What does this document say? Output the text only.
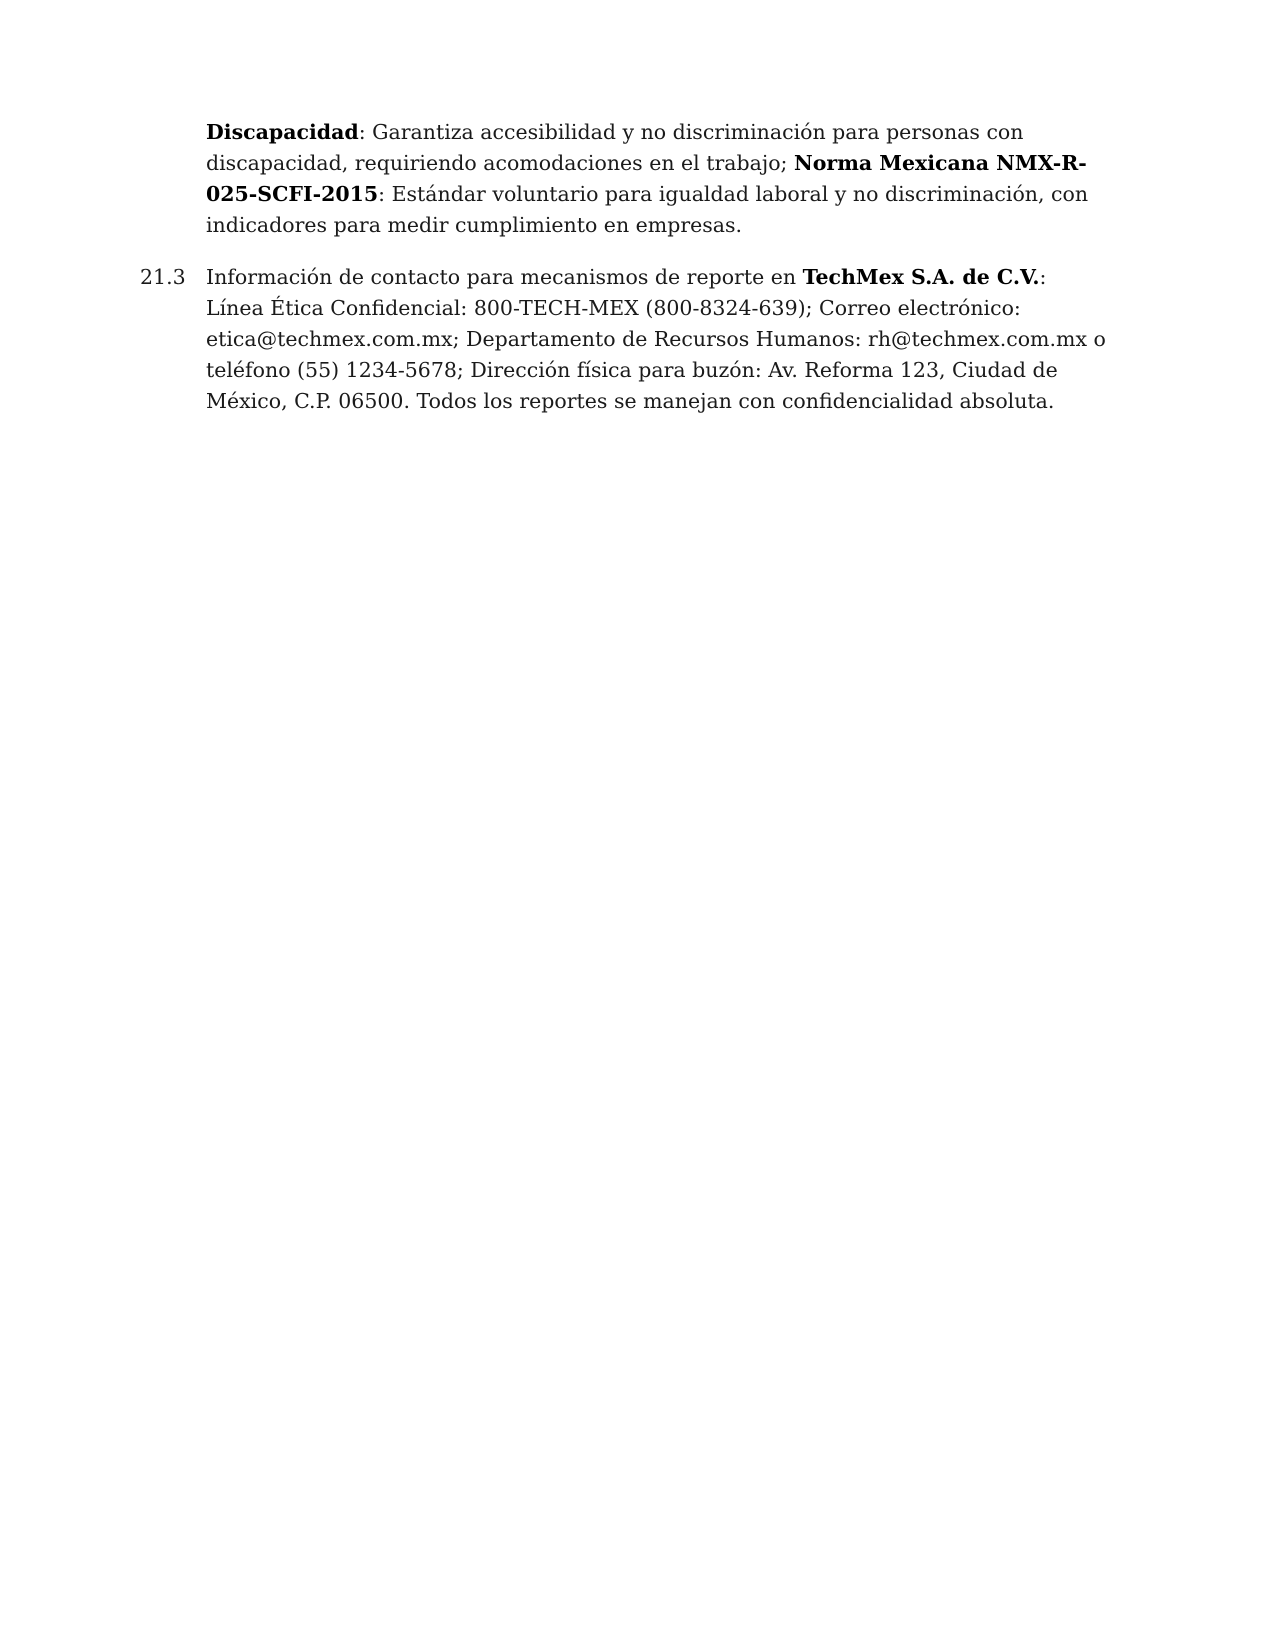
Discapacidad: Garantiza accesibilidad y no discriminación para personas con discapacidad, requiriendo acomodaciones en el trabajo; Norma Mexicana NMX-R-025-SCFI-2015: Estándar voluntario para igualdad laboral y no discriminación, con indicadores para medir cumplimiento en empresas.

21.3 Información de contacto para mecanismos de reporte en TechMex S.A. de C.V.: Línea Ética Confidencial: 800-TECH-MEX (800-8324-639); Correo electrónico: etica@techmex.com.mx; Departamento de Recursos Humanos: rh@techmex.com.mx o teléfono (55) 1234-5678; Dirección física para buzón: Av. Reforma 123, Ciudad de México, C.P. 06500. Todos los reportes se manejan con confidencialidad absoluta.
